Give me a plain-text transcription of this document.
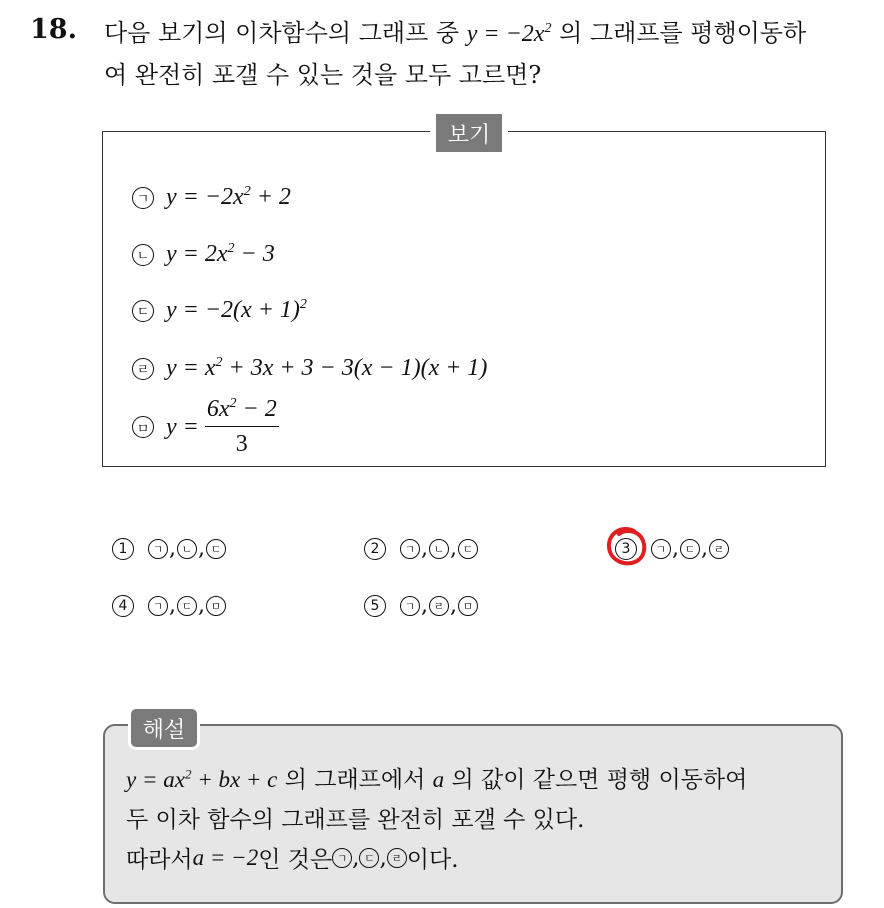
18. 다음 보기의 이차함수의 그래프 중 $y = -2x^2$ 의 그래프를 평행이동하
여 완전히 포갤 수 있는 것을 모두 고르면?
보기
ㄱ $y = -2x^2 + 2$
ㄴ $y = 2x^2 - 3$
ㄷ $y = -2(x + 1)^2$
ㄹ $y = x^2 + 3x + 3 - 3(x - 1)(x + 1)$
ㅁ $y = \frac{6x^2 - 2}{3}$
1	ㄱ , ㄴ , ㄷ	2	ㄱ , ㄴ , ㄷ	3	ㄱ , ㄷ , ㄹ
4	ㄱ , ㄷ , ㅁ	5	ㄱ , ㄹ , ㅁ
해설
$y = ax^2$ + bx + c 의 그래프에서 a 의 값이 같으면 평행 이동하여
두 이차 함수의 그래프를 완전히 포갤 수 있다.
따라서 a = −2 인 것은 ㄱ , ㄷ , ㄹ 이다.
